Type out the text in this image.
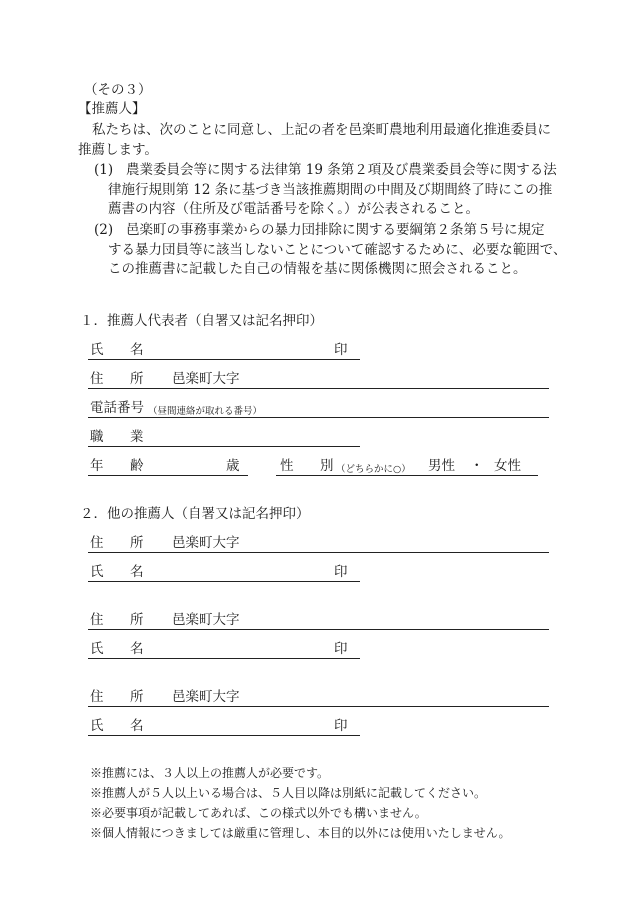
（その３）
【推薦人】
私たちは、次のことに同意し、上記の者を邑楽町農地利用最適化推進委員に
推薦します。
(1) 農業委員会等に関する法律第 19 条第２項及び農業委員会等に関する法
律施行規則第 12 条に基づき当該推薦期間の中間及び期間終了時にこの推
薦書の内容（住所及び電話番号を除く。）が公表されること。
(2) 邑楽町の事務事業からの暴力団排除に関する要綱第２条第５号に規定
する暴力団員等に該当しないことについて確認するために、必要な範囲で、
この推薦書に記載した自己の情報を基に関係機関に照会されること。
１．推薦人代表者（自署又は記名押印）
氏 名	印
住 所 邑楽町大字
電話番号 （昼間連絡が取れる番号）
職 業
年 齢	歳	性 別 （どちらかに○） 男性 ・ 女性
２．他の推薦人（自署又は記名押印）
住 所 邑楽町大字
氏 名	印
住 所 邑楽町大字
氏 名	印
住 所 邑楽町大字
氏 名	印
※推薦には、３人以上の推薦人が必要です。
※推薦人が５人以上いる場合は、５人目以降は別紙に記載してください。
※必要事項が記載してあれば、この様式以外でも構いません。
※個人情報につきましては厳重に管理し、本目的以外には使用いたしません。
